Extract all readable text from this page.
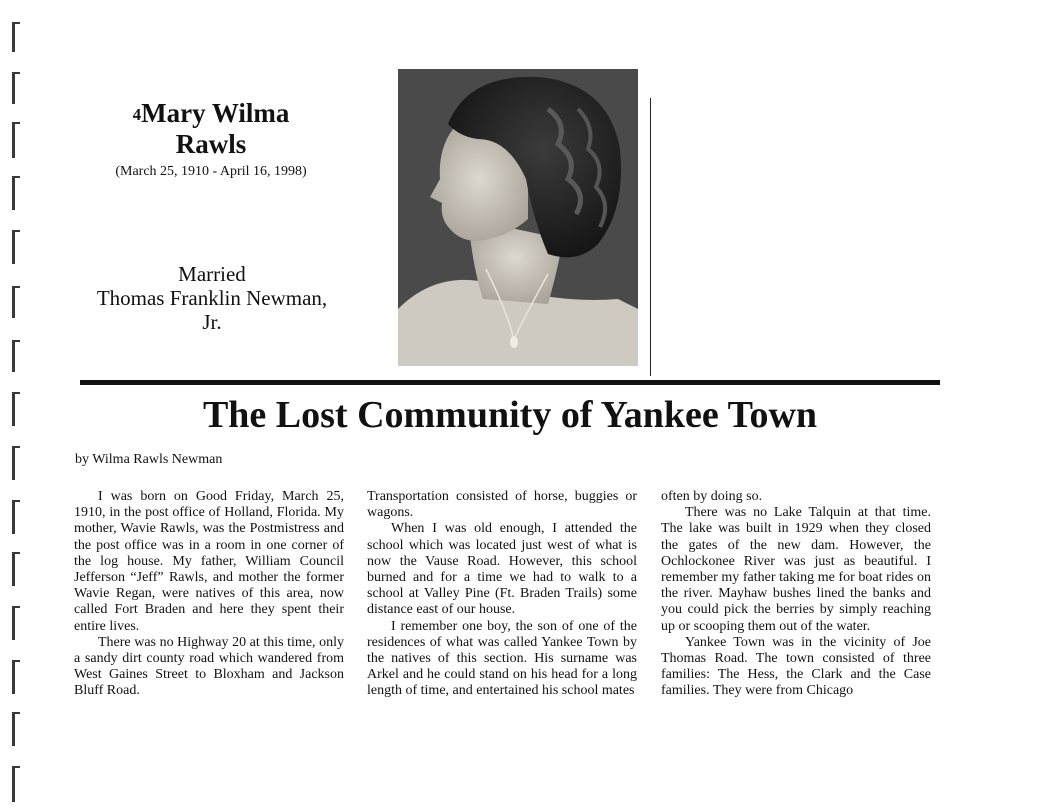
$^4$Mary Wilma
Rawls
(March 25, 1910 - April 16, 1998)
Married
Thomas Franklin Newman,
Jr.
The Lost Community of Yankee Town
by Wilma Rawls Newman

I was born on Good Friday, March 25, 1910, in the post office of Holland, Florida. My mother, Wavie Rawls, was the Postmistress and the post office was in a room in one corner of the log house. My father, William Council Jefferson “Jeff” Rawls, and mother the former Wavie Regan, were natives of this area, now called Fort Braden and here they spent their entire lives.

There was no Highway 20 at this time, only a sandy dirt county road which wandered from West Gaines Street to Bloxham and Jackson Bluff Road.

Transportation consisted of horse, buggies or wagons.

When I was old enough, I attended the school which was located just west of what is now the Vause Road. However, this school burned and for a time we had to walk to a school at Valley Pine (Ft. Braden Trails) some distance east of our house.

I remember one boy, the son of one of the residences of what was called Yankee Town by the natives of this section. His surname was Arkel and he could stand on his head for a long length of time, and entertained his school mates

often by doing so.

There was no Lake Talquin at that time. The lake was built in 1929 when they closed the gates of the new dam. However, the Ochlockonee River was just as beautiful. I remember my father taking me for boat rides on the river. Mayhaw bushes lined the banks and you could pick the berries by simply reaching up or scooping them out of the water.

Yankee Town was in the vicinity of Joe Thomas Road. The town consisted of three families: The Hess, the Clark and the Case families. They were from Chicago
